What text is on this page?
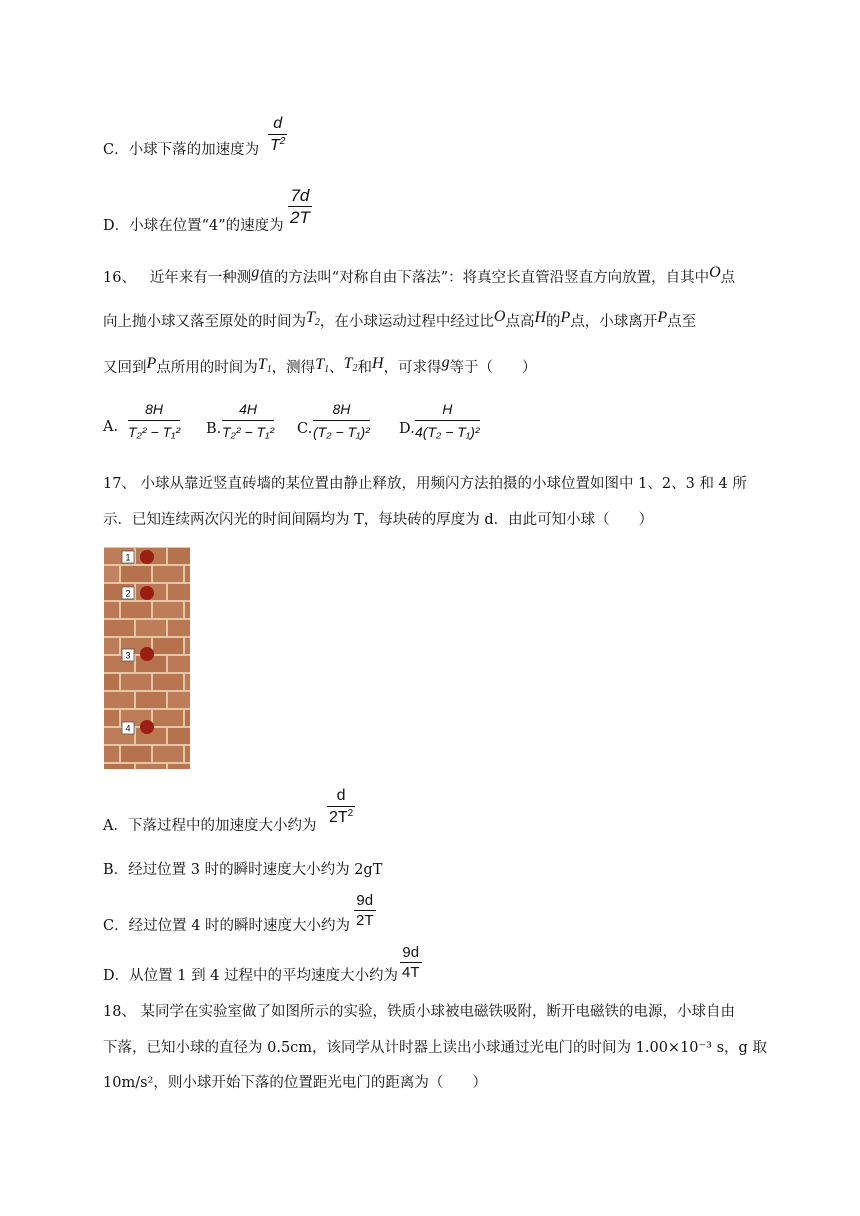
C．小球下落的加速度为 $\frac{d}{T^2}$
D．小球在位置“4”的速度为 $\frac{7d}{2T}$
16、 近年来有一种测g值的方法叫“对称自由下落法”：将真空长直管沿竖直方向放置，自其中O点
向上抛小球又落至原处的时间为$T_2$，在小球运动过程中经过比O点高H的P点，小球离开P点至
又回到P点所用的时间为$T_1$，测得$T_1$、$T_2$和H，可求得g等于（　　）
A. $\frac{8H}{\text{T₂² − T₁²}} B$. $\frac{4H}{\text{T₂² − T₁²}} C$. $\frac{8H}{\text{(T₂ − T₁)²}} D$. $\frac{H}{\text{4(T₂ − T₁)²}}$
17、 小球从靠近竖直砖墙的某位置由静止释放，用频闪方法拍摄的小球位置如图中 1、2、3 和 4 所
示．已知连续两次闪光的时间间隔均为 T，每块砖的厚度为 d．由此可知小球（　　）
1
2
3
4
A．下落过程中的加速度大小约为 $\frac{d}{2T^2}$
B．经过位置 3 时的瞬时速度大小约为 2gT
C．经过位置 4 时的瞬时速度大小约为 $\frac{9d}{2T}$
D．从位置 1 到 4 过程中的平均速度大小约为 $\frac{9d}{4T}$
18、 某同学在实验室做了如图所示的实验，铁质小球被电磁铁吸附，断开电磁铁的电源，小球自由
下落，已知小球的直径为 0.5cm，该同学从计时器上读出小球通过光电门的时间为 1.00×10⁻³ s，g 取
10m/s²，则小球开始下落的位置距光电门的距离为（　　）
